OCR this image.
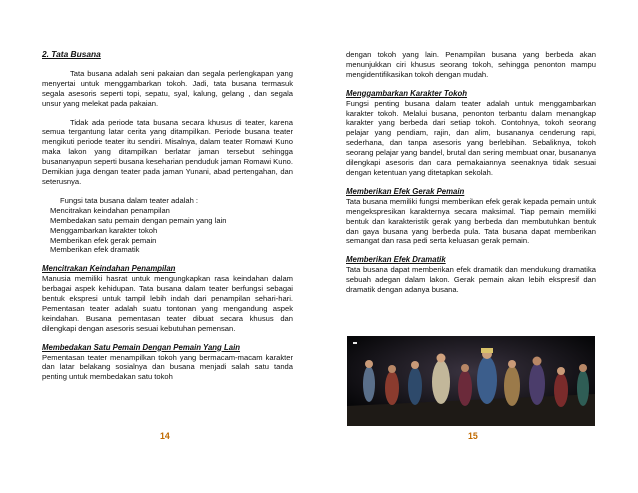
2. Tata Busana

Tata busana adalah seni pakaian dan segala perlengkapan yang menyertai untuk menggambarkan tokoh. Jadi, tata busana termasuk segala asesoris seperti topi, sepatu, syal, kalung, gelang , dan segala unsur yang melekat pada pakaian.

Tidak ada periode tata busana secara khusus di teater, karena semua tergantung latar cerita yang ditampilkan. Periode busana teater mengikuti periode teater itu sendiri. Misalnya, dalam teater Romawi Kuno maka lakon yang ditampilkan berlatar jaman tersebut sehingga busananyapun seperti busana keseharian penduduk jaman Romawi Kuno. Demikian juga dengan teater pada jaman Yunani, abad pertengahan, dan seterusnya.

Fungsi tata busana dalam teater adalah :

Mencitrakan keindahan penampilan
Membedakan satu pemain dengan pemain yang lain
Menggambarkan karakter tokoh
Memberikan efek gerak pemain
Memberikan efek dramatik

Mencitrakan Keindahan Penampilan

Manusia memiliki hasrat untuk mengungkapkan rasa keindahan dalam berbagai aspek kehidupan. Tata busana dalam teater berfungsi sebagai bentuk ekspresi untuk tampil lebih indah dari penampilan sehari-hari. Pementasan teater adalah suatu tontonan yang mengandung aspek keindahan. Busana pementasan teater dibuat secara khusus dan dilengkapi dengan asesoris sesuai kebutuhan pemensan.

Membedakan Satu Pemain Dengan Pemain Yang Lain

Pementasan teater menampilkan tokoh yang bermacam-macam karakter dan latar belakang sosialnya dan busana menjadi salah satu tanda penting untuk membedakan satu tokoh

14

dengan tokoh yang lain. Penampilan busana yang berbeda akan menunjukkan ciri khusus seorang tokoh, sehingga penonton mampu mengidentifikasikan tokoh dengan mudah.

Menggambarkan Karakter Tokoh

Fungsi penting busana dalam teater adalah untuk menggambarkan karakter tokoh. Melalui busana, penonton terbantu dalam menangkap karakter yang berbeda dari setiap tokoh. Contohnya, tokoh seorang pelajar yang pendiam, rajin, dan alim, busananya cenderung rapi, sederhana, dan tanpa asesoris yang berlebihan. Sebaliknya, tokoh seorang pelajar yang bandel, brutal dan sering membuat onar, busananya dilengkapi asesoris dan cara pemakaiannya seenaknya tidak sesuai dengan ketentuan yang ditetapkan sekolah.

Memberikan Efek Gerak Pemain

Tata busana memiliki fungsi memberikan efek gerak kepada pemain untuk mengekspresikan karakternya secara maksimal. Tiap pemain memiliki bentuk dan karakteristik gerak yang berbeda dan membutuhkan bentuk dan gaya busana yang berbeda pula. Tata busana dapat memberikan semangat dan rasa pedi serta keluasan gerak pemain.

Memberikan Efek Dramatik

Tata busana dapat memberikan efek dramatik dan mendukung dramatika sebuah adegan dalam lakon. Gerak pemain akan lebih ekspresif dan dramatik dengan adanya busana.

15
